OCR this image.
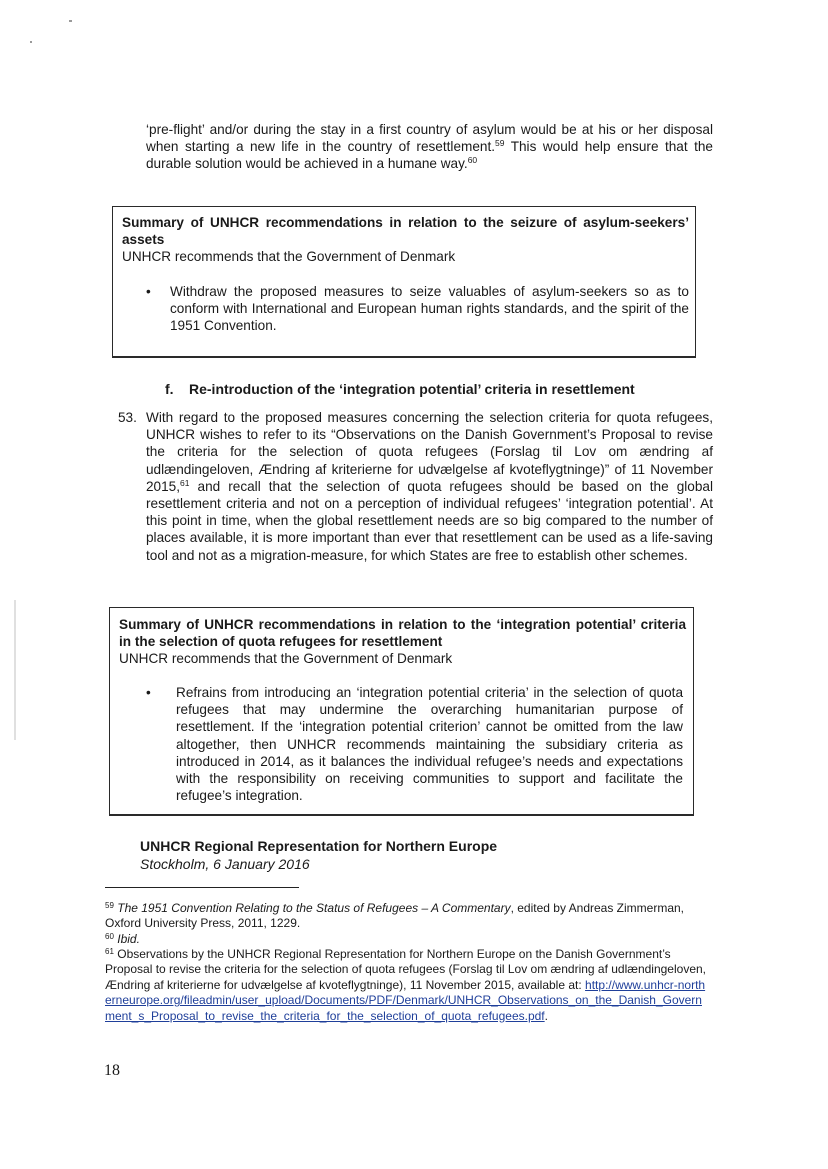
‘pre-flight’ and/or during the stay in a first country of asylum would be at his or her disposal when starting a new life in the country of resettlement.$^{59}$ This would help ensure that the durable solution would be achieved in a humane way.$^{60}$

Summary of UNHCR recommendations in relation to the seizure of asylum-seekers’ assets

UNHCR recommends that the Government of Denmark

•	Withdraw the proposed measures to seize valuables of asylum-seekers so as to conform with International and European human rights standards, and the spirit of the 1951 Convention.

f. Re-introduction of the ‘integration potential’ criteria in resettlement
53. With regard to the proposed measures concerning the selection criteria for quota refugees, UNHCR wishes to refer to its “Observations on the Danish Government’s Proposal to revise the criteria for the selection of quota refugees (Forslag til Lov om ændring af udlændingeloven, Ændring af kriterierne for udvælgelse af kvoteflygtninge)” of 11 November 2015,61 and recall that the selection of quota refugees should be based on the global resettlement criteria and not on a perception of individual refugees’ ‘integration potential’. At this point in time, when the global resettlement needs are so big compared to the number of places available, it is more important than ever that resettlement can be used as a life-saving tool and not as a migration-measure, for which States are free to establish other schemes.

Summary of UNHCR recommendations in relation to the ‘integration potential’ criteria in the selection of quota refugees for resettlement

UNHCR recommends that the Government of Denmark

•	Refrains from introducing an ‘integration potential criteria’ in the selection of quota refugees that may undermine the overarching humanitarian purpose of resettlement. If the ‘integration potential criterion’ cannot be omitted from the law altogether, then UNHCR recommends maintaining the subsidiary criteria as introduced in 2014, as it balances the individual refugee’s needs and expectations with the responsibility on receiving communities to support and facilitate the refugee’s integration.

UNHCR Regional Representation for Northern Europe
Stockholm, 6 January 2016

$^{59}$ The 1951 Convention Relating to the Status of Refugees – A Commentary, edited by Andreas Zimmerman, Oxford University Press, 2011, 1229.

$^{60}$ Ibid.

$^{61}$ Observations by the UNHCR Regional Representation for Northern Europe on the Danish Government’s Proposal to revise the criteria for the selection of quota refugees (Forslag til Lov om ændring af udlændingeloven, Ændring af kriterierne for udvælgelse af kvoteflygtninge), 11 November 2015, available at: http://www.unhcr-northerneurope.org/fileadmin/user_upload/Documents/PDF/Denmark/UNHCR_Observations_on_the_Danish_Government_s_Proposal_to_revise_the_criteria_for_the_selection_of_quota_refugees.pdf.

18
